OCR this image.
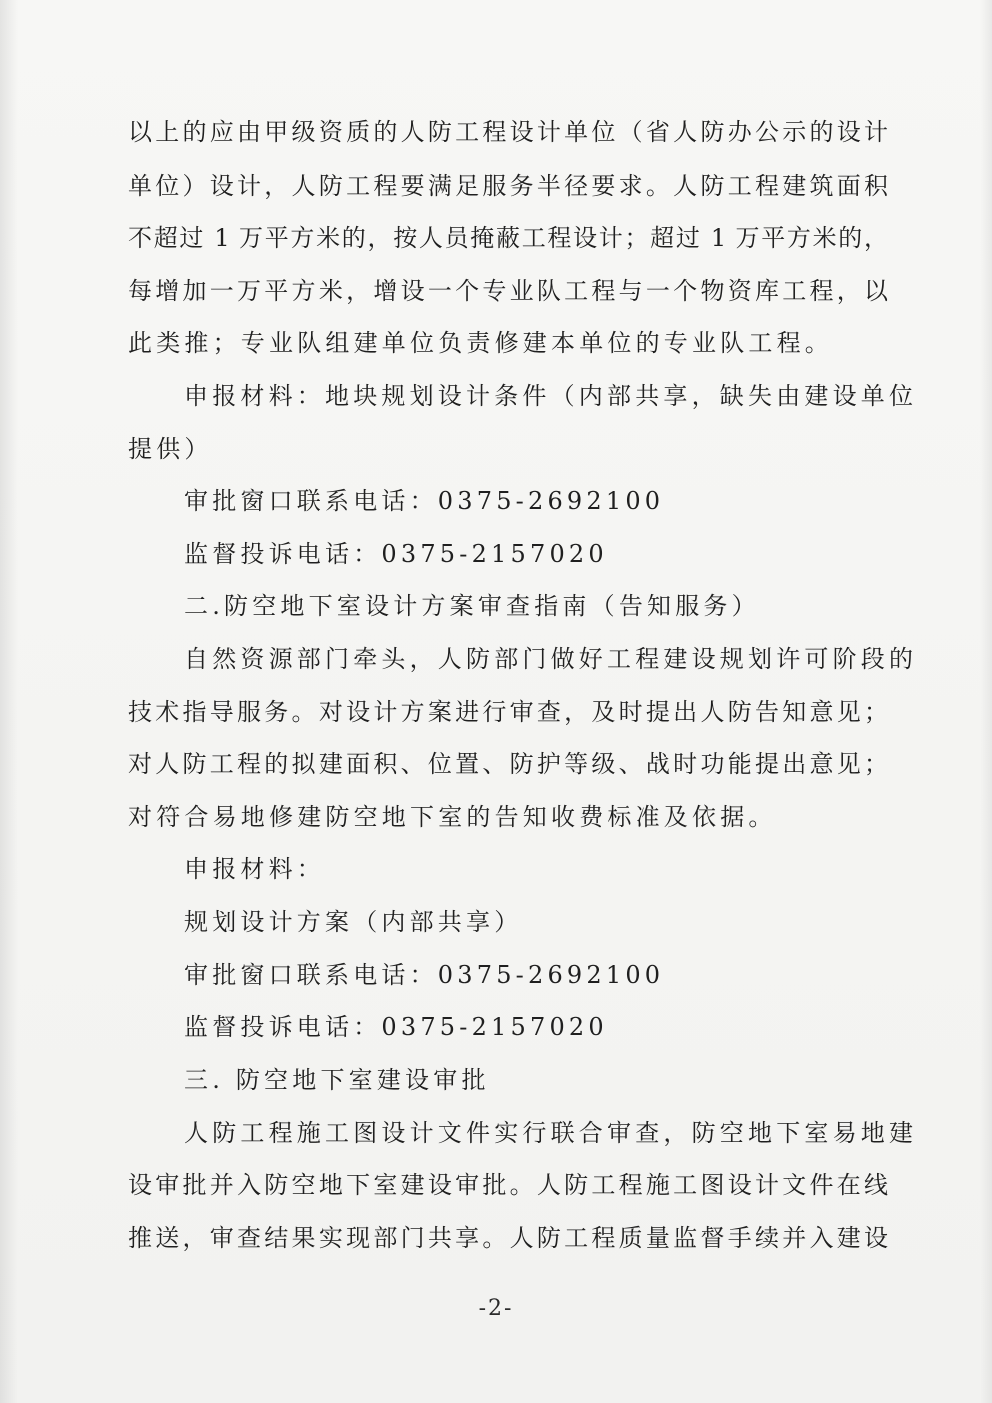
以上的应由甲级资质的人防工程设计单位（省人防办公示的设计
单位）设计，人防工程要满足服务半径要求。人防工程建筑面积
不超过 1 万平方米的，按人员掩蔽工程设计；超过 1 万平方米的，
每增加一万平方米，增设一个专业队工程与一个物资库工程，以
此类推；专业队组建单位负责修建本单位的专业队工程。
申报材料：地块规划设计条件（内部共享，缺失由建设单位
提供）
审批窗口联系电话：0375-2692100
监督投诉电话：0375-2157020
二.防空地下室设计方案审查指南（告知服务）
自然资源部门牵头，人防部门做好工程建设规划许可阶段的
技术指导服务。对设计方案进行审查，及时提出人防告知意见；
对人防工程的拟建面积、位置、防护等级、战时功能提出意见；
对符合易地修建防空地下室的告知收费标准及依据。
申报材料：
规划设计方案（内部共享）
审批窗口联系电话：0375-2692100
监督投诉电话：0375-2157020
三. 防空地下室建设审批
人防工程施工图设计文件实行联合审查，防空地下室易地建
设审批并入防空地下室建设审批。人防工程施工图设计文件在线
推送，审查结果实现部门共享。人防工程质量监督手续并入建设
-2-
